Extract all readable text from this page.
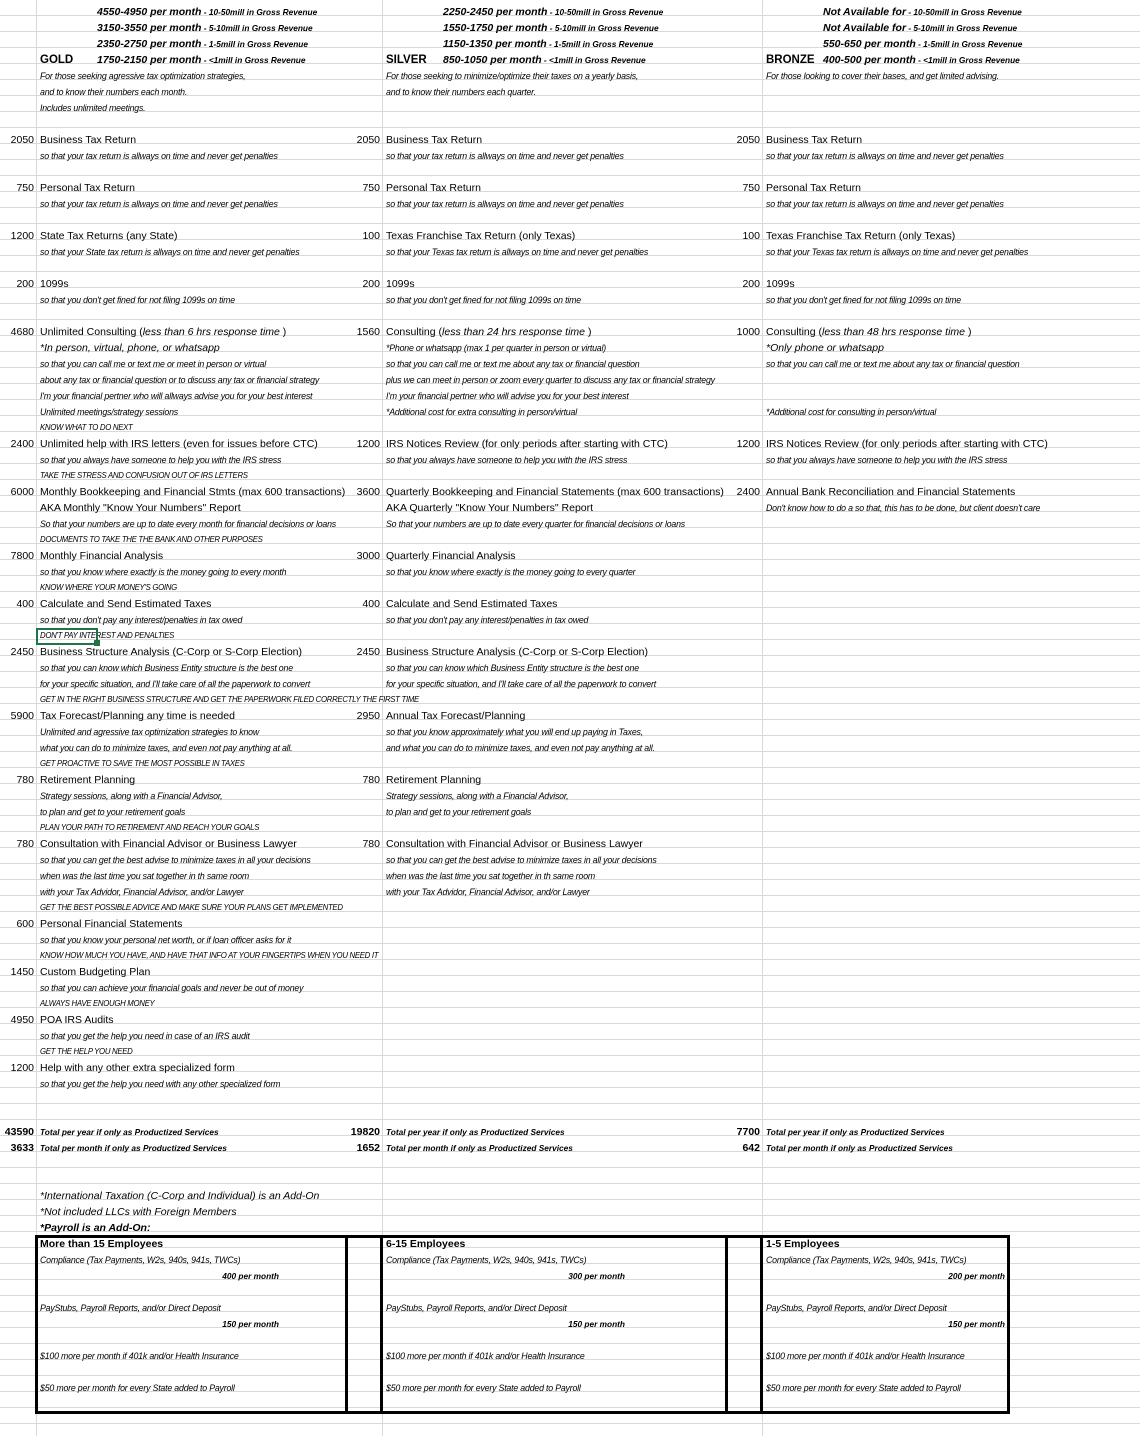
4550-4950 per month - 10-50mill in Gross Revenue
3150-3550 per month - 5-10mill in Gross Revenue
2350-2750 per month - 1-5mill in Gross Revenue
1750-2150 per month - <1mill in Gross Revenue
GOLD
For those seeking agressive tax optimization strategies,
and to know their numbers each month.
Includes unlimited meetings.
2050 Business Tax Return
so that your tax return is allways on time and never get penalties
750 Personal Tax Return
so that your tax return is allways on time and never get penalties
1200 State Tax Returns (any State)
so that your State tax return is allways on time and never get penalties
200 1099s
so that you don't get fined for not filing 1099s on time
4680 Unlimited Consulting (less than 6 hrs response time )
*In person, virtual, phone, or whatsapp
so that you can call me or text me or meet in person or virtual
about any tax or financial question or to discuss any tax or financial strategy
I'm your financial pertner who will allways advise you for your best interest
Unlimited meetings/strategy sessions
KNOW WHAT TO DO NEXT
2400 Unlimited help with IRS letters (even for issues before CTC)
so that you always have someone to help you with the IRS stress
TAKE THE STRESS AND CONFUSION OUT OF IRS LETTERS
6000 Monthly Bookkeeping and Financial Stmts (max 600 transactions)
AKA Monthly "Know Your Numbers" Report
So that your numbers are up to date every month for financial decisions or loans
DOCUMENTS TO TAKE THE THE BANK AND OTHER PURPOSES
7800 Monthly Financial Analysis
so that you know where exactly is the money going to every month
KNOW WHERE YOUR MONEY'S GOING
400 Calculate and Send Estimated Taxes
so that you don't pay any interest/penalties in tax owed
DON'T PAY INTEREST AND PENALTIES
2450 Business Structure Analysis (C-Corp or S-Corp Election)
so that you can know which Business Entity structure is the best one
for your specific situation, and I'll take care of all the paperwork to convert
GET IN THE RIGHT BUSINESS STRUCTURE AND GET THE PAPERWORK FILED CORRECTLY THE FIRST TIME
5900 Tax Forecast/Planning any time is needed
Unlimited and agressive tax optimization strategies to know
what you can do to minimize taxes, and even not pay anything at all.
GET PROACTIVE TO SAVE THE MOST POSSIBLE IN TAXES
780 Retirement Planning
Strategy sessions, along with a Financial Advisor,
to plan and get to your retirement goals
PLAN YOUR PATH TO RETIREMENT AND REACH YOUR GOALS
780 Consultation with Financial Advisor or Business Lawyer
so that you can get the best advise to minimize taxes in all your decisions
when was the last time you sat together in th same room
with your Tax Advidor, Financial Advisor, and/or Lawyer
GET THE BEST POSSIBLE ADVICE AND MAKE SURE YOUR PLANS GET IMPLEMENTED
600 Personal Financial Statements
so that you know your personal net worth, or if loan officer asks for it
KNOW HOW MUCH YOU HAVE, AND HAVE THAT INFO AT YOUR FINGERTIPS WHEN YOU NEED IT
1450 Custom Budgeting Plan
so that you can achieve your financial goals and never be out of money
ALWAYS HAVE ENOUGH MONEY
4950 POA IRS Audits
so that you get the help you need in case of an IRS audit
GET THE HELP YOU NEED
1200 Help with any other extra specialized form
so that you get the help you need with any other specialized form
43590 Total per year if only as Productized Services
3633 Total per month if only as Productized Services
More than 15 Employees
Compliance (Tax Payments, W2s, 940s, 941s, TWCs)
400 per month
PayStubs, Payroll Reports, and/or Direct Deposit
150 per month
$100 more per month if 401k and/or Health Insurance
$50 more per month for every State added to Payroll
2250-2450 per month - 10-50mill in Gross Revenue
1550-1750 per month - 5-10mill in Gross Revenue
1150-1350 per month - 1-5mill in Gross Revenue
850-1050 per month - <1mill in Gross Revenue
SILVER
For those seeking to minimize/optimize their taxes on a yearly basis,
and to know their numbers each quarter.
2050 Business Tax Return
so that your tax return is allways on time and never get penalties
750 Personal Tax Return
so that your tax return is allways on time and never get penalties
100 Texas Franchise Tax Return (only Texas)
so that your Texas tax return is allways on time and never get penalties
200 1099s
so that you don't get fined for not filing 1099s on time
1560 Consulting (less than 24 hrs response time )
*Phone or whatsapp (max 1 per quarter in person or virtual)
so that you can call me or text me about any tax or financial question
plus we can meet in person or zoom every quarter to discuss any tax or financial strategy
I'm your financial pertner who will advise you for your best interest
*Additional cost for extra consulting in person/virtual
1200 IRS Notices Review (for only periods after starting with CTC)
so that you always have someone to help you with the IRS stress
3600 Quarterly Bookkeeping and Financial Statements (max 600 transactions)
AKA Quarterly "Know Your Numbers" Report
So that your numbers are up to date every quarter for financial decisions or loans
3000 Quarterly Financial Analysis
so that you know where exactly is the money going to every quarter
400 Calculate and Send Estimated Taxes
so that you don't pay any interest/penalties in tax owed
2450 Business Structure Analysis (C-Corp or S-Corp Election)
so that you can know which Business Entity structure is the best one
for your specific situation, and I'll take care of all the paperwork to convert
2950 Annual Tax Forecast/Planning
so that you know approximately what you will end up paying in Taxes,
and what you can do to minimize taxes, and even not pay anything at all.
780 Retirement Planning
Strategy sessions, along with a Financial Advisor,
to plan and get to your retirement goals
780 Consultation with Financial Advisor or Business Lawyer
so that you can get the best advise to minimize taxes in all your decisions
when was the last time you sat together in th same room
with your Tax Advidor, Financial Advisor, and/or Lawyer
19820 Total per year if only as Productized Services
1652 Total per month if only as Productized Services
6-15 Employees
Compliance (Tax Payments, W2s, 940s, 941s, TWCs)
300 per month
PayStubs, Payroll Reports, and/or Direct Deposit
150 per month
$100 more per month if 401k and/or Health Insurance
$50 more per month for every State added to Payroll
Not Available for - 10-50mill in Gross Revenue
Not Available for - 5-10mill in Gross Revenue
550-650 per month - 1-5mill in Gross Revenue
400-500 per month - <1mill in Gross Revenue
BRONZE
For those looking to cover their bases, and get limited advising.
2050 Business Tax Return
so that your tax return is allways on time and never get penalties
750 Personal Tax Return
so that your tax return is allways on time and never get penalties
100 Texas Franchise Tax Return (only Texas)
so that your Texas tax return is allways on time and never get penalties
200 1099s
so that you don't get fined for not filing 1099s on time
1000 Consulting (less than 48 hrs response time )
*Only phone or whatsapp
so that you can call me or text me about any tax or financial question
*Additional cost for consulting in person/virtual
1200 IRS Notices Review (for only periods after starting with CTC)
so that you always have someone to help you with the IRS stress
2400 Annual Bank Reconciliation and Financial Statements
Don't know how to do a so that, this has to be done, but client doesn't care
7700 Total per year if only as Productized Services
642 Total per month if only as Productized Services
1-5 Employees
Compliance (Tax Payments, W2s, 940s, 941s, TWCs)
200 per month
PayStubs, Payroll Reports, and/or Direct Deposit
150 per month
$100 more per month if 401k and/or Health Insurance
$50 more per month for every State added to Payroll
*International Taxation (C-Corp and Individual) is an Add-On
*Not included LLCs with Foreign Members
*Payroll is an Add-On:
